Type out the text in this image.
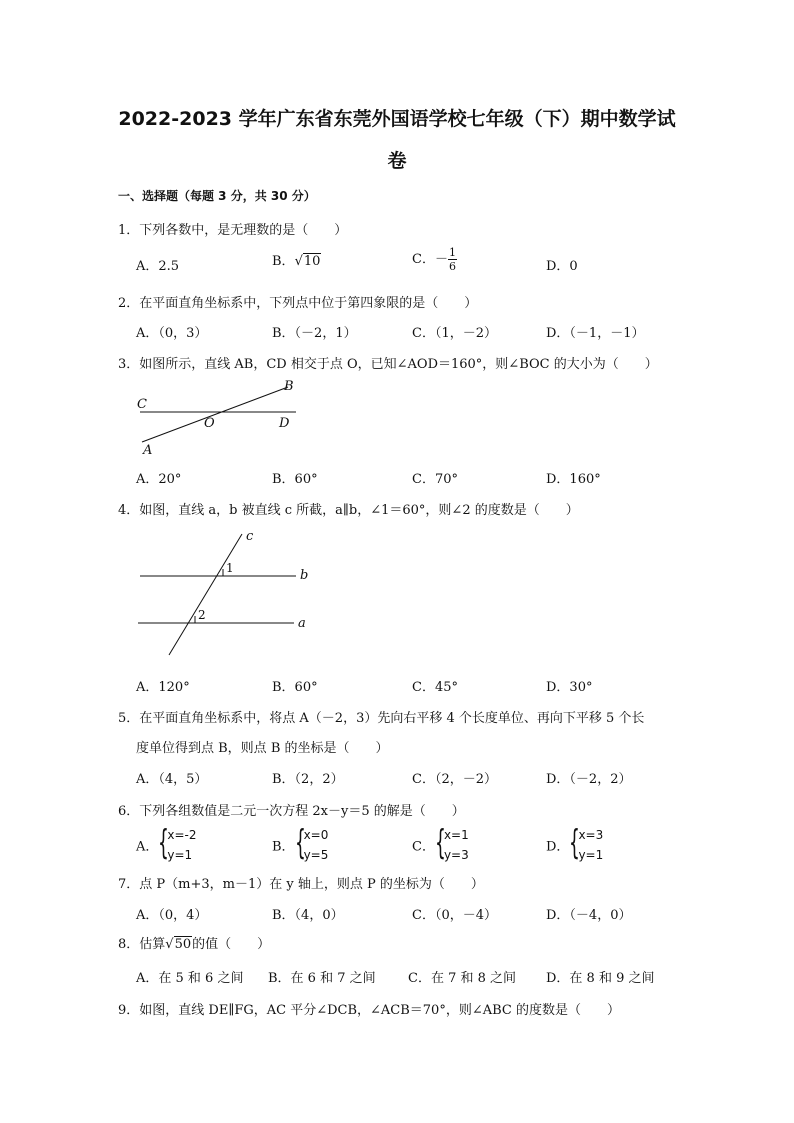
2022-2023 学年广东省东莞外国语学校七年级（下）期中数学试
卷
一、选择题（每题 3 分，共 30 分）
1．下列各数中，是无理数的是（　　）
A．2.5	B．√10	C．－ $\frac{1}{6}$	D．0
2．在平面直角坐标系中，下列点中位于第四象限的是（　　）
A．（0，3）	B．（－2，1）	C．（1，－2）	D．（－1，－1）
3．如图所示，直线 AB，CD 相交于点 O，已知∠AOD＝160°，则∠BOC 的大小为（　　）
C
B
O	D
A
A．20°	B．60°	C．70°	D．160°
4．如图，直线 a，b 被直线 c 所截，a∥b，∠1＝60°，则∠2 的度数是（　　）
c
1	b
2
a
A．120°	B．60°	C．45°	D．30°
5．在平面直角坐标系中，将点 A（－2，3）先向右平移 4 个长度单位、再向下平移 5 个长
度单位得到点 B，则点 B 的坐标是（　　）
A．（4，5）	B．（2，2）	C．（2，－2）	D．（－2，2）
6．下列各组数值是二元一次方程 2x－y＝5 的解是（　　）
A． {
x=-2
y=1
B． {
x=0
y=5
C． {
x=1
y=3
D． {
x=3
y=1
7．点 P（m+3，m－1）在 y 轴上，则点 P 的坐标为（　　）
A．（0，4）	B．（4，0）	C．（0，－4）	D．（－4，0）
8．估算√50的值（　　）
A．在 5 和 6 之间 B．在 6 和 7 之间 C．在 7 和 8 之间 D．在 8 和 9 之间
9．如图，直线 DE∥FG，AC 平分∠DCB，∠ACB＝70°，则∠ABC 的度数是（　　）
